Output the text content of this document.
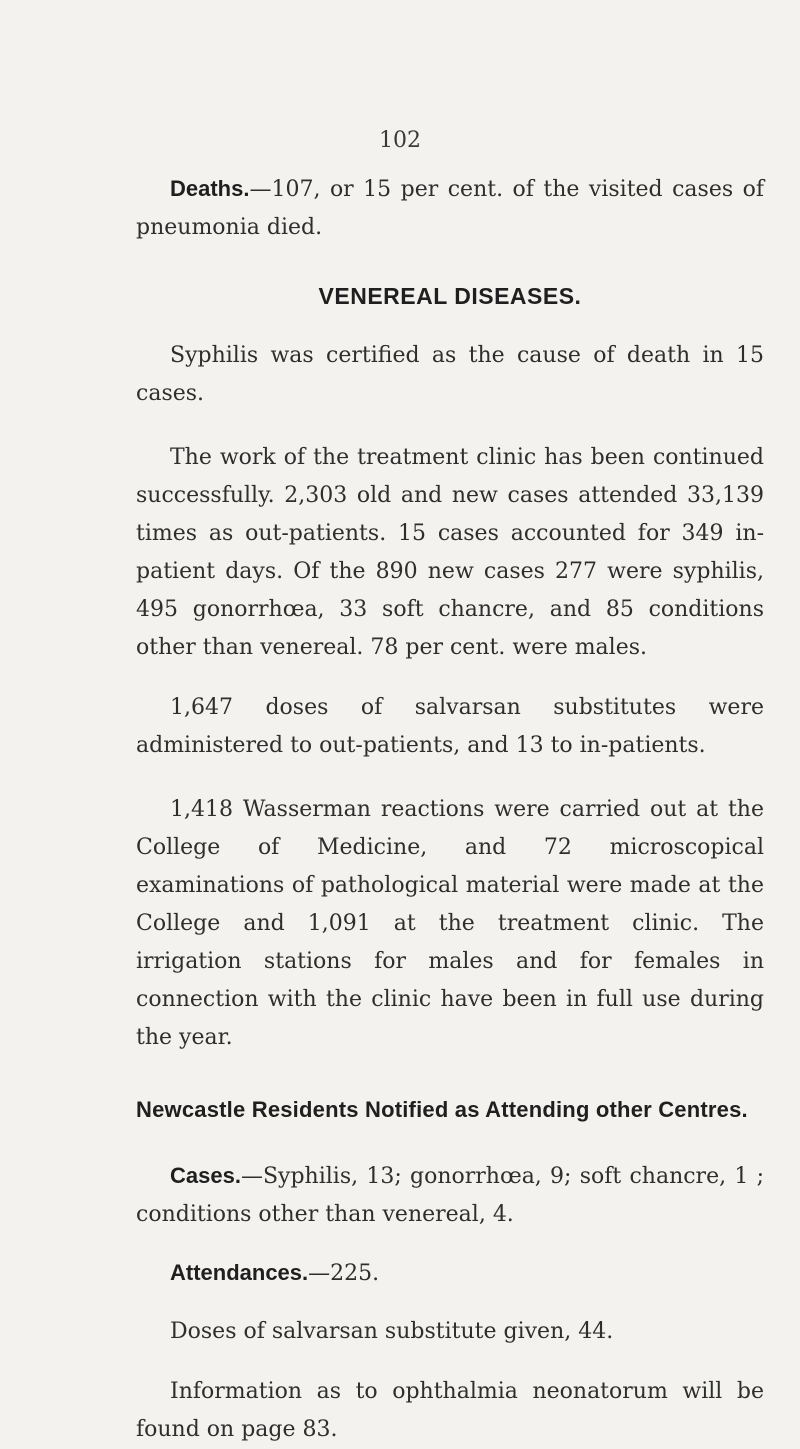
102

Deaths.—107, or 15 per cent. of the visited cases of pneumonia died.

VENEREAL DISEASES.

Syphilis was certified as the cause of death in 15 cases.

The work of the treatment clinic has been continued successfully. 2,303 old and new cases attended 33,139 times as out-patients. 15 cases accounted for 349 in-patient days. Of the 890 new cases 277 were syphilis, 495 gonorrhœa, 33 soft chancre, and 85 conditions other than venereal. 78 per cent. were males.

1,647 doses of salvarsan substitutes were administered to out-patients, and 13 to in-patients.

1,418 Wasserman reactions were carried out at the College of Medicine, and 72 microscopical examinations of pathological material were made at the College and 1,091 at the treatment clinic. The irrigation stations for males and for females in connection with the clinic have been in full use during the year.

Newcastle Residents Notified as Attending other Centres.

Cases.—Syphilis, 13; gonorrhœa, 9; soft chancre, 1 ; conditions other than venereal, 4.

Attendances.—225.

Doses of salvarsan substitute given, 44.

Information as to ophthalmia neonatorum will be found on page 83.
